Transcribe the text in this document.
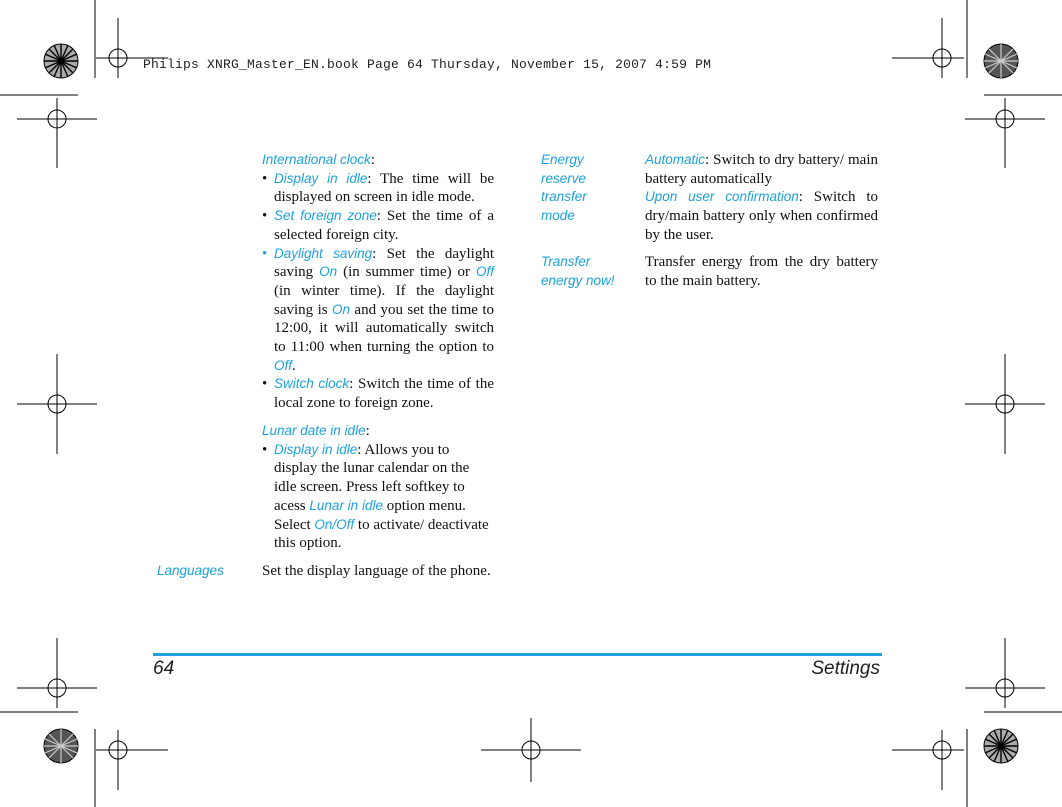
Philips XNRG_Master_EN.book Page 64 Thursday, November 15, 2007 4:59 PM

International clock:

• Display in idle: The time will be displayed on screen in idle mode.

• Set foreign zone: Set the time of a selected foreign city.

• Daylight saving: Set the daylight saving On (in summer time) or Off (in winter time). If the daylight saving is On and you set the time to 12:00, it will automatically switch to 11:00 when turning the option to Off.

• Switch clock: Switch the time of the local zone to foreign zone.

Lunar date in idle:

• Display in idle: Allows you to display the lunar calendar on the idle screen. Press left softkey to acess Lunar in idle option menu. Select On/Off to activate/ deactivate this option.

Languages	Set the display language of the phone.
Energy
reserve
transfer
mode

Automatic: Switch to dry battery/ main battery automatically

Upon user confirmation: Switch to dry/main battery only when confirmed by the user.

Transfer
energy now!
Transfer energy from the dry battery to the main battery.
64	Settings
